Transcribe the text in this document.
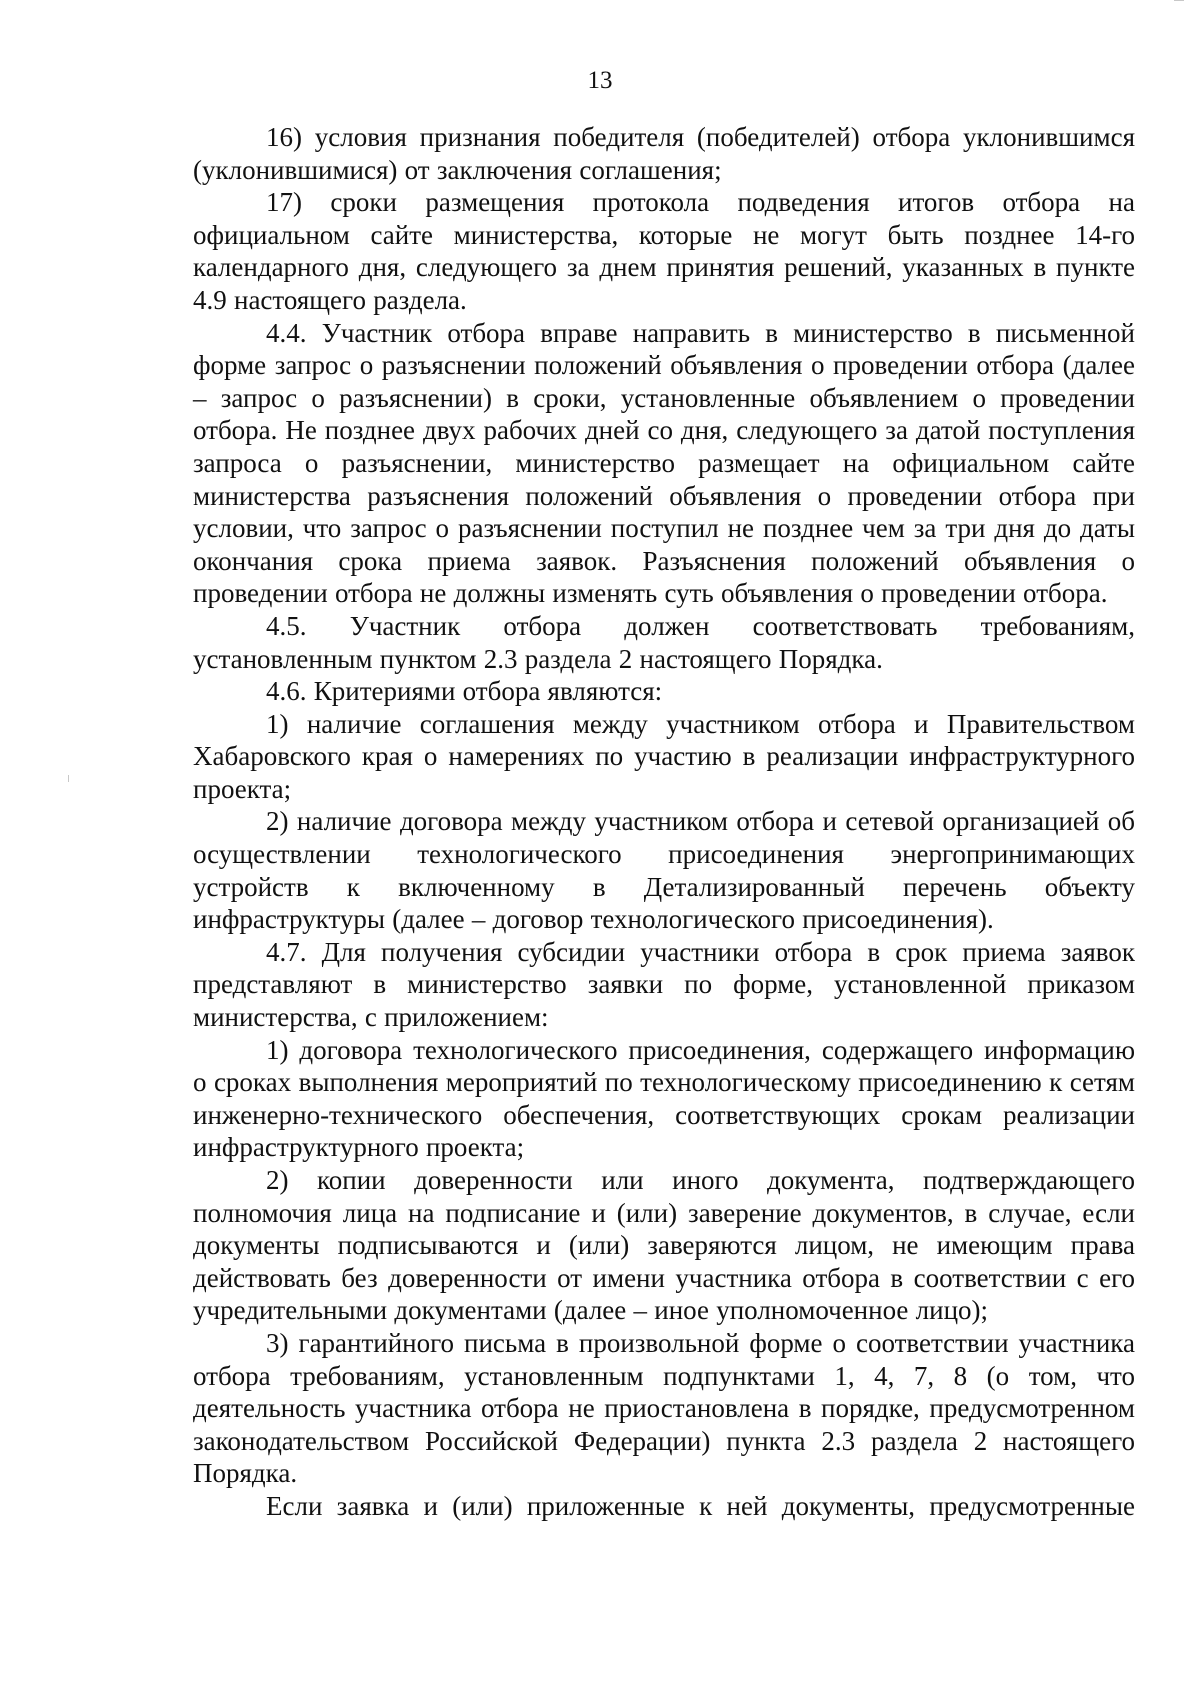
13

16) условия признания победителя (победителей) отбора уклонившимся (уклонившимися) от заключения соглашения;

17) сроки размещения протокола подведения итогов отбора на официальном сайте министерства, которые не могут быть позднее 14-го календарного дня, следующего за днем принятия решений, указанных в пункте 4.9 настоящего раздела.

4.4. Участник отбора вправе направить в министерство в письменной форме запрос о разъяснении положений объявления о проведении отбора (далее – запрос о разъяснении) в сроки, установленные объявлением о проведении отбора. Не позднее двух рабочих дней со дня, следующего за датой поступления запроса о разъяснении, министерство размещает на официальном сайте министерства разъяснения положений объявления о проведении отбора при условии, что запрос о разъяснении поступил не позднее чем за три дня до даты окончания срока приема заявок. Разъяснения положений объявления о проведении отбора не должны изменять суть объявления о проведении отбора.

4.5. Участник отбора должен соответствовать требованиям, установленным пунктом 2.3 раздела 2 настоящего Порядка.

4.6. Критериями отбора являются:

1) наличие соглашения между участником отбора и Правительством Хабаровского края о намерениях по участию в реализации инфраструктурного проекта;

2) наличие договора между участником отбора и сетевой организацией об осуществлении технологического присоединения энергопринимающих устройств к включенному в Детализированный перечень объекту инфраструктуры (далее – договор технологического присоединения).

4.7. Для получения субсидии участники отбора в срок приема заявок представляют в министерство заявки по форме, установленной приказом министерства, с приложением:

1) договора технологического присоединения, содержащего информацию о сроках выполнения мероприятий по технологическому присоединению к сетям инженерно-технического обеспечения, соответствующих срокам реализации инфраструктурного проекта;

2) копии доверенности или иного документа, подтверждающего полномочия лица на подписание и (или) заверение документов, в случае, если документы подписываются и (или) заверяются лицом, не имеющим права действовать без доверенности от имени участника отбора в соответствии с его учредительными документами (далее – иное уполномоченное лицо);

3) гарантийного письма в произвольной форме о соответствии участника отбора требованиям, установленным подпунктами 1, 4, 7, 8 (о том, что деятельность участника отбора не приостановлена в порядке, предусмотренном законодательством Российской Федерации) пункта 2.3 раздела 2 настоящего Порядка.

Если заявка и (или) приложенные к ней документы, предусмотренные
